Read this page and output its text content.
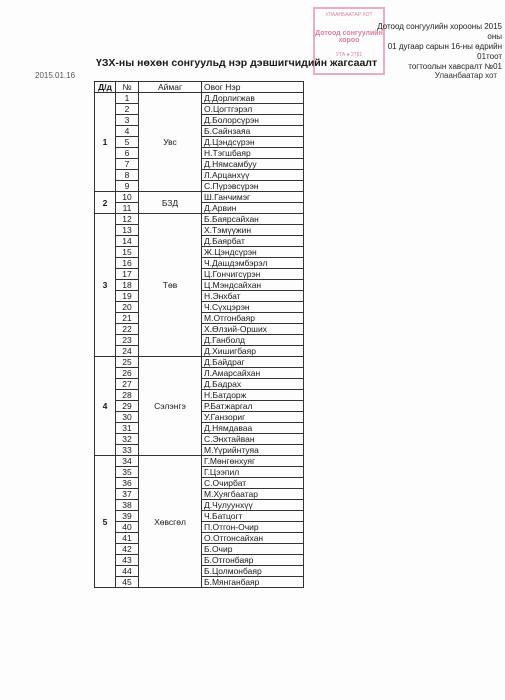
УЛААНБААТАР ХОТ
Дотоод сонгуулийн хороо
УТА ● 2781
Дотоод сонгуулийн хорооны 2015 оны
01 дугаар сарын 16-ны өдрийн 01тоот
тогтоолын хавсралт №01
ҮЗХ-ны нөхөн сонгуульд нэр дэвшигчидийн жагсаалт
2015.01.16	Улаанбаатар хот
Д/д	№	Аймаг	Овог Нэр
1	1	Увс	Д.Дорлигжав
	2		О.Цогтгэрэл
	3		Д.Болорсүрэн
	4		Б.Сайнзаяа
	5		Д.Цэндсүрэн
	6		Н.Тэгшбаяр
	7		Д.Нямсамбуу
	8		Л.Арцанхүү
	9		С.Пүрэвсүрэн
2	10	БЗД	Ш.Ганчимэг
	11		Д.Арвин
3	12	Төв	Б.Баярсайхан
	13		Х.Тэмүүжин
	14		Д.Баярбат
	15		Ж.Цэндсүрэн
	16		Ч.Дашдэмбэрэл
	17		Ц.Гончигсүрэн
	18		Ц.Мэндсайхан
	19		Н.Энхбат
	20		Ч.Сүхцэрэн
	21		М.Отгонбаяр
	22		Х.Өлзий-Орших
	23		Д.Ганболд
	24		Д.Хишигбаяр
4	25	Сэлэнгэ	Д.Байдраг
	26		Л.Амарсайхан
	27		Д.Бадрах
	28		Н.Батдорж
	29		Р.Батжаргал
	30		У.Ганзориг
	31		Д.Нямдаваа
	32		С.Энхтайван
	33		М.Үүрийнтуяа
5	34	Хөвсгөл	Г.Мөнгөнхуяг
	35		Г.Цээпил
	36		С.Очирбат
	37		М.Хуягбаатар
	38		Д.Чулуунхүү
	39		Ч.Батцогт
	40		П.Отгон-Очир
	41		О.Отгонсайхан
	42		Б.Очир
	43		Б.Отгонбаяр
	44		Б.Цолмонбаяр
	45		Б.Мянганбаяр
